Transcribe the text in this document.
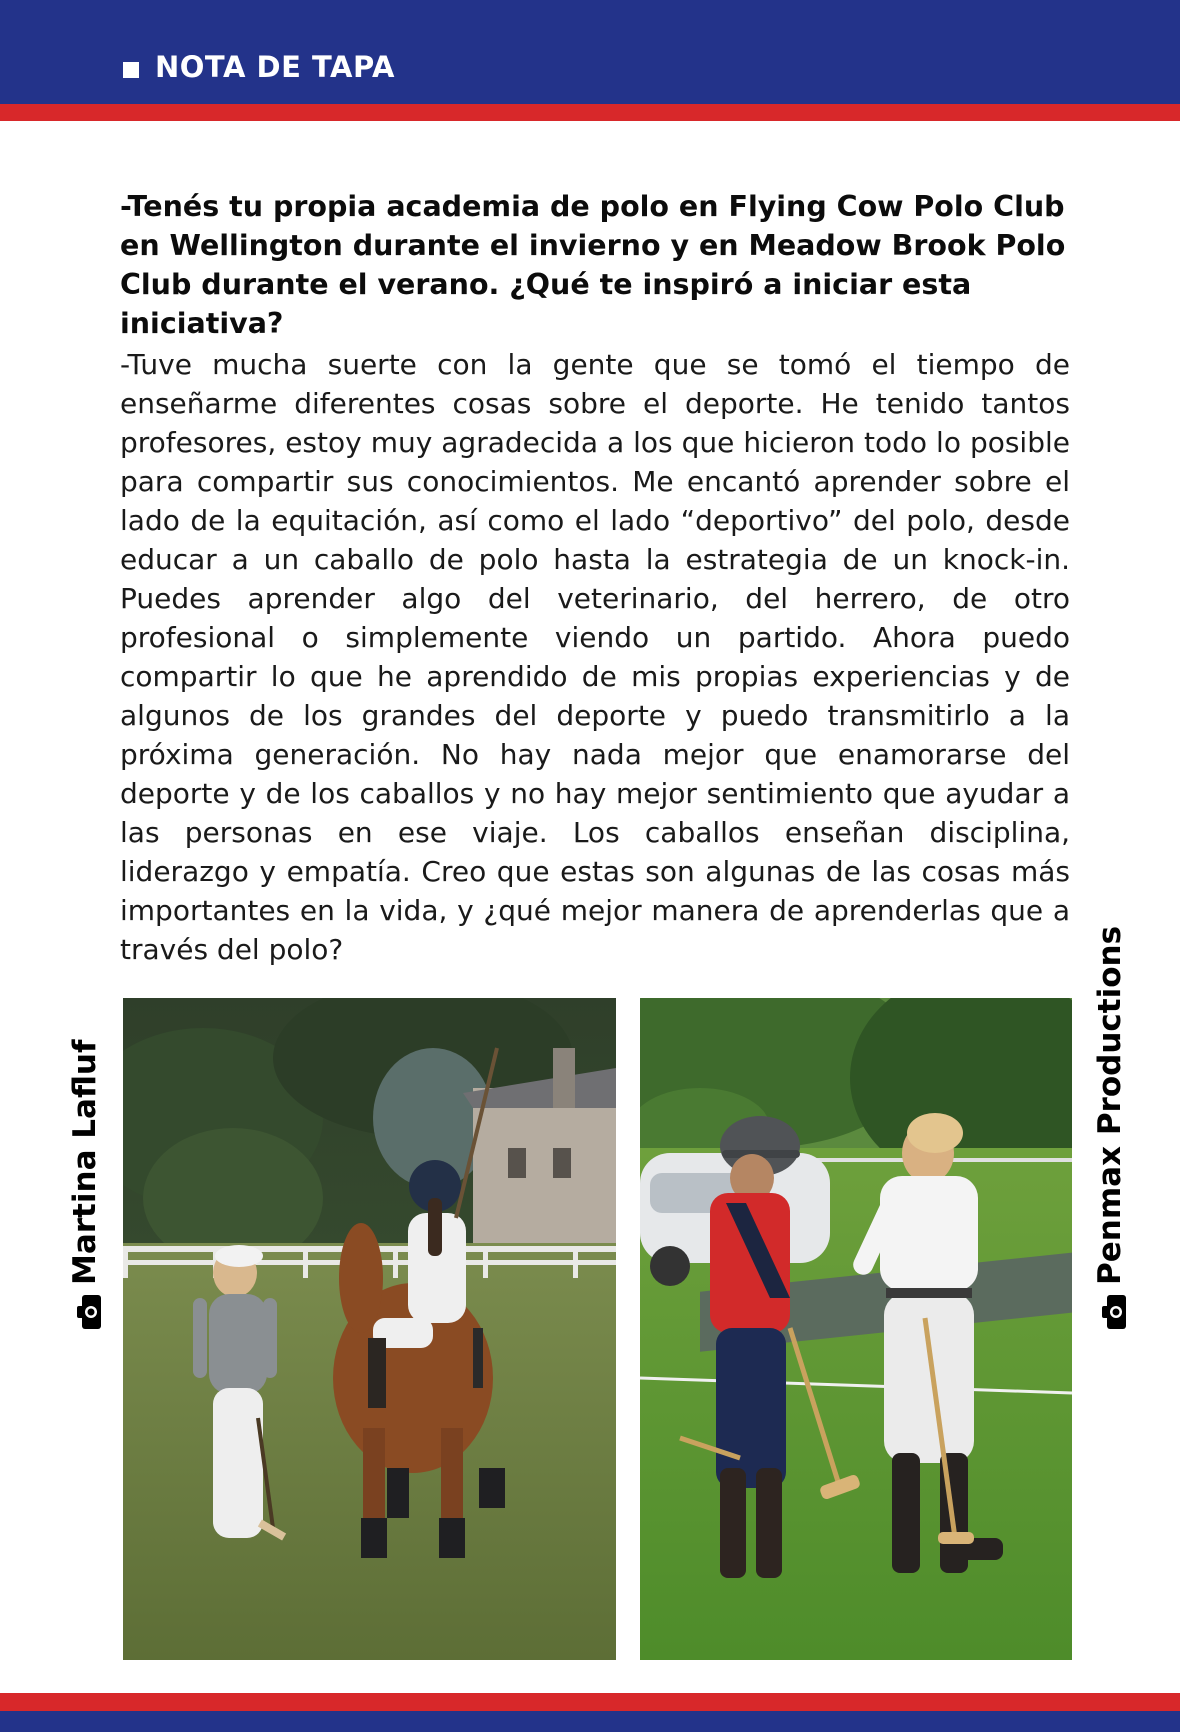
NOTA DE TAPA
-Tenés tu propia academia de polo en Flying Cow Polo Club en Wellington durante el invierno y en Meadow Brook Polo Club durante el verano. ¿Qué te inspiró a iniciar esta iniciativa?
-Tuve mucha suerte con la gente que se tomó el tiempo de enseñarme diferentes cosas sobre el deporte. He tenido tantos profesores, estoy muy agradecida a los que hicieron todo lo posible para compartir sus conocimientos. Me encantó aprender sobre el lado de la equitación, así como el lado “deportivo” del polo, desde educar a un caballo de polo hasta la estrategia de un knock-in. Puedes aprender algo del veterinario, del herrero, de otro profesional o simplemente viendo un partido. Ahora puedo compartir lo que he aprendido de mis propias experiencias y de algunos de los grandes del deporte y puedo transmitirlo a la próxima generación. No hay nada mejor que enamorarse del deporte y de los caballos y no hay mejor sentimiento que ayudar a las personas en ese viaje. Los caballos enseñan disciplina, liderazgo y empatía. Creo que estas son algunas de las cosas más importantes en la vida, y ¿qué mejor manera de aprenderlas que a través del polo?
Martina Lafluf	Penmax Productions
